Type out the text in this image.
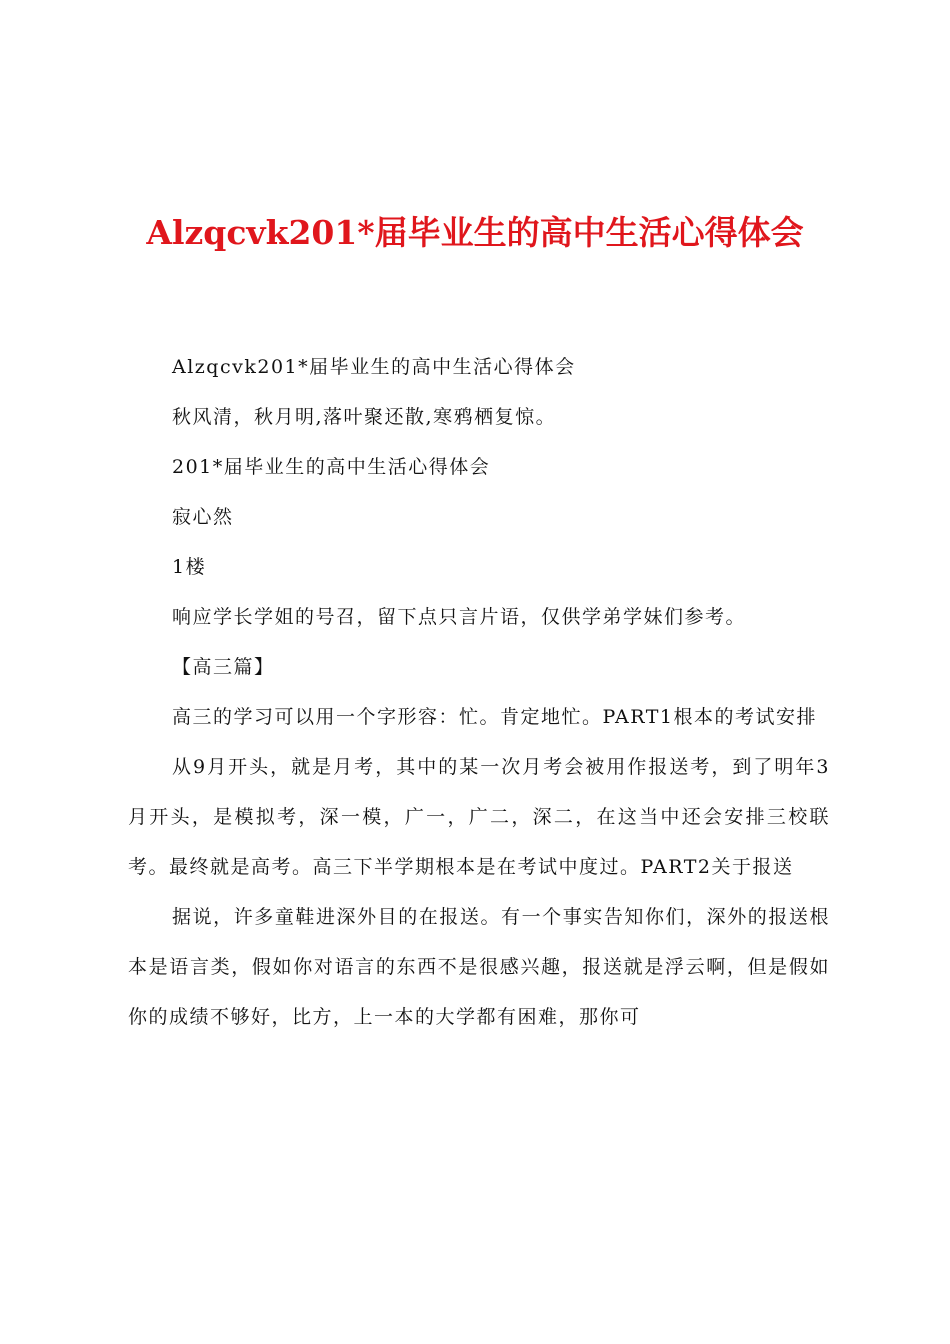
Alzqcvk201*届毕业生的高中生活心得体会

Alzqcvk201*届毕业生的高中生活心得体会

秋风清，秋月明,落叶聚还散,寒鸦栖复惊。

201*届毕业生的高中生活心得体会

寂心然

1楼

响应学长学姐的号召，留下点只言片语，仅供学弟学妹们参考。

【高三篇】

高三的学习可以用一个字形容：忙。肯定地忙。PART1根本的考试安排

从9月开头，就是月考，其中的某一次月考会被用作报送考，到了明年3月开头，是模拟考，深一模，广一，广二，深二，在这当中还会安排三校联考。最终就是高考。高三下半学期根本是在考试中度过。PART2关于报送

据说，许多童鞋进深外目的在报送。有一个事实告知你们，深外的报送根本是语言类，假如你对语言的东西不是很感兴趣，报送就是浮云啊，但是假如你的成绩不够好，比方，上一本的大学都有困难，那你可
